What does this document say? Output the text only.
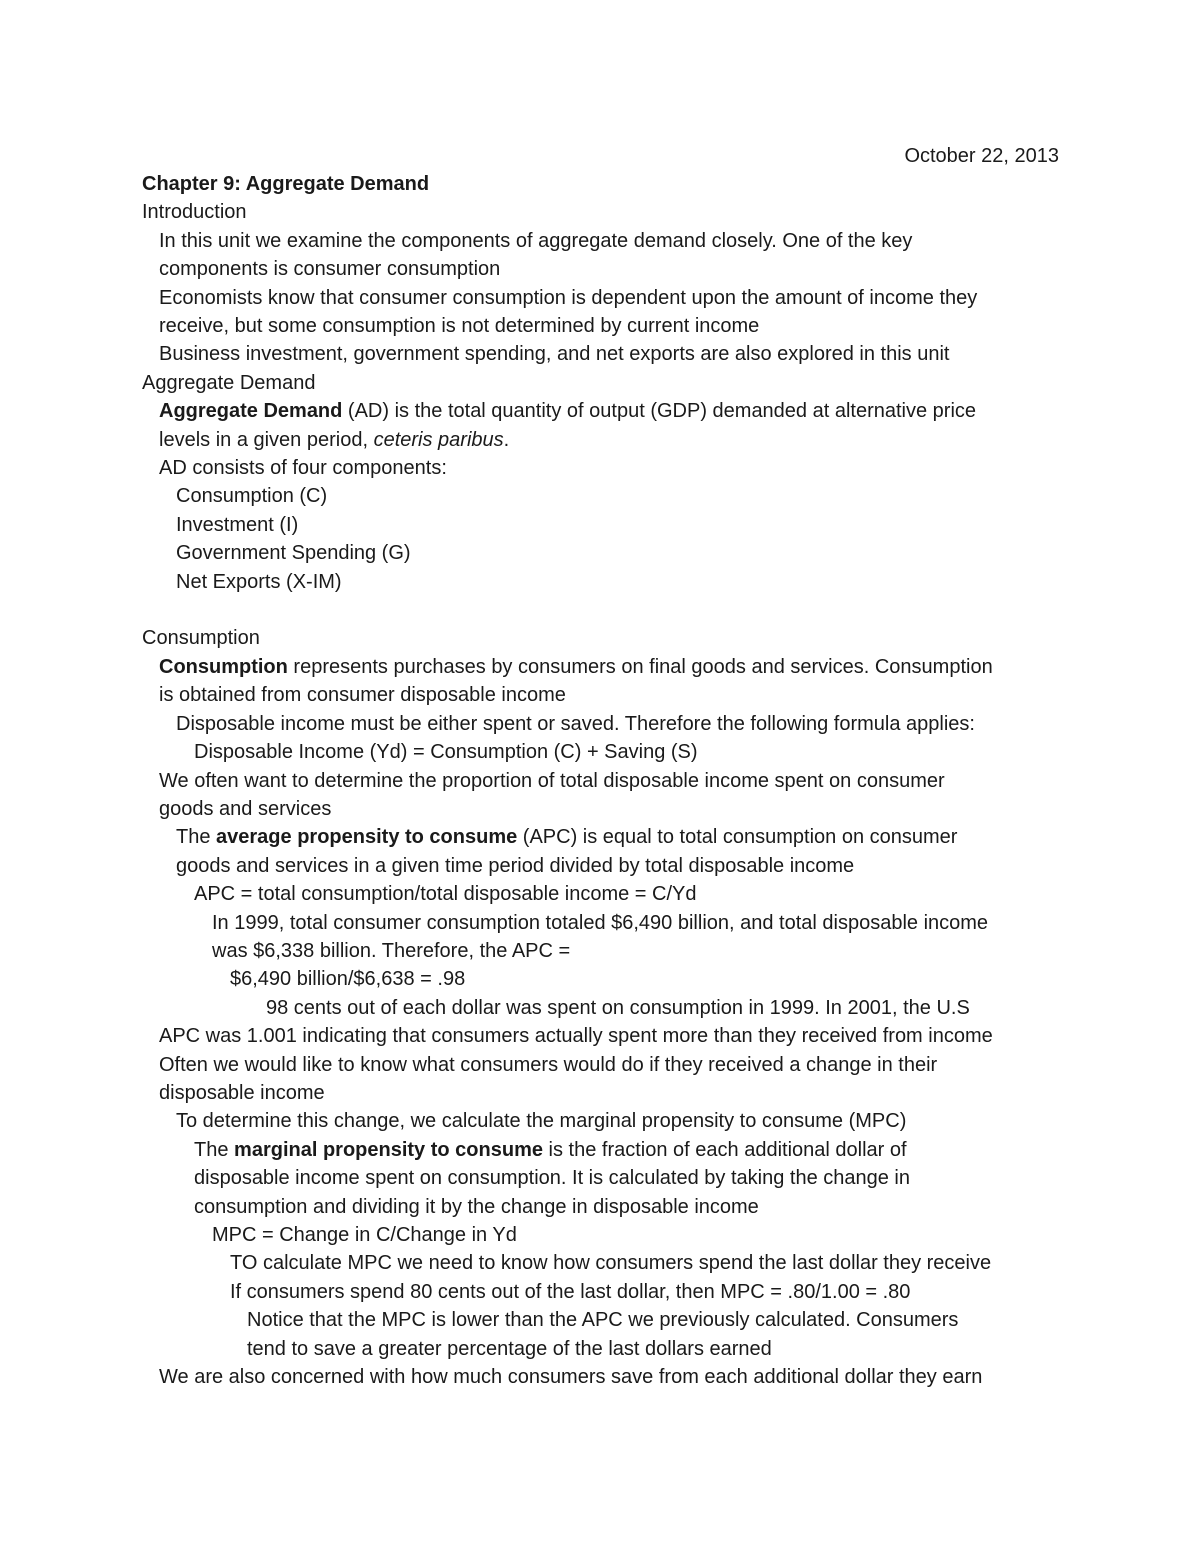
October 22, 2013

Chapter 9: Aggregate Demand

Introduction

In this unit we examine the components of aggregate demand closely. One of the key

components is consumer consumption

Economists know that consumer consumption is dependent upon the amount of income they

receive, but some consumption is not determined by current income

Business investment, government spending, and net exports are also explored in this unit

Aggregate Demand

Aggregate Demand (AD) is the total quantity of output (GDP) demanded at alternative price

levels in a given period, ceteris paribus.

AD consists of four components:

Consumption (C)

Investment (I)

Government Spending (G)

Net Exports (X-IM)

Consumption

Consumption represents purchases by consumers on final goods and services. Consumption

is obtained from consumer disposable income

Disposable income must be either spent or saved. Therefore the following formula applies:

Disposable Income (Yd) = Consumption (C) + Saving (S)

We often want to determine the proportion of total disposable income spent on consumer

goods and services

The average propensity to consume (APC) is equal to total consumption on consumer

goods and services in a given time period divided by total disposable income

APC = total consumption/total disposable income = C/Yd

In 1999, total consumer consumption totaled $6,490 billion, and total disposable income

was $6,338 billion. Therefore, the APC =

$6,490 billion/$6,638 = .98

98 cents out of each dollar was spent on consumption in 1999. In 2001, the U.S

APC was 1.001 indicating that consumers actually spent more than they received from income

Often we would like to know what consumers would do if they received a change in their

disposable income

To determine this change, we calculate the marginal propensity to consume (MPC)

The marginal propensity to consume is the fraction of each additional dollar of

disposable income spent on consumption. It is calculated by taking the change in

consumption and dividing it by the change in disposable income

MPC = Change in C/Change in Yd

TO calculate MPC we need to know how consumers spend the last dollar they receive

If consumers spend 80 cents out of the last dollar, then MPC = .80/1.00 = .80

Notice that the MPC is lower than the APC we previously calculated. Consumers

tend to save a greater percentage of the last dollars earned

We are also concerned with how much consumers save from each additional dollar they earn
